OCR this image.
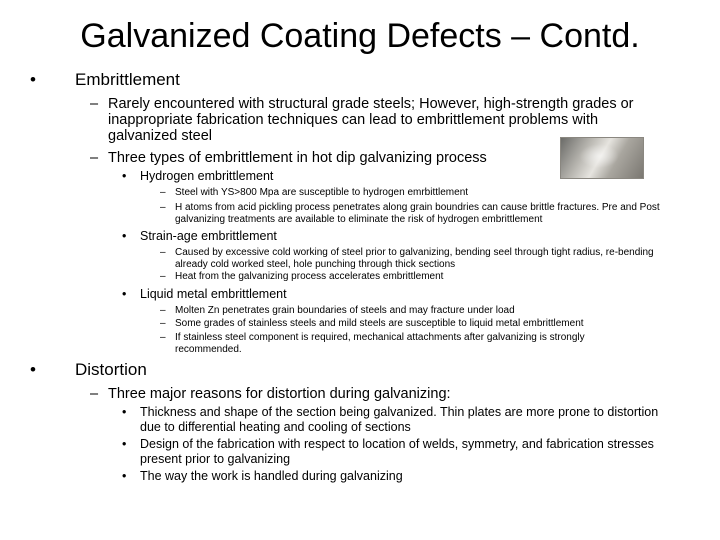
Galvanized Coating Defects – Contd.
• Embrittlement
– Rarely encountered with structural grade steels; However, high-strength grades or inappropriate fabrication techniques can lead to embrittlement problems with galvanized steel
– Three types of embrittlement in hot dip galvanizing process
• Hydrogen embrittlement
– Steel with YS>800 Mpa are susceptible to hydrogen emrbittlement
– H atoms from acid pickling process penetrates along grain boundries can cause brittle fractures. Pre and Post galvanizing treatments are available to eliminate the risk of hydrogen embrittlement
• Strain-age embrittlement
– Caused by excessive cold working of steel prior to galvanizing, bending seel through tight radius, re-bending already cold worked steel, hole punching through thick sections
– Heat from the galvanizing process accelerates embrittlement
• Liquid metal embrittlement
– Molten Zn penetrates grain boundaries of steels and may fracture under load
– Some grades of stainless steels and mild steels are susceptible to liquid metal embrittlement
– If stainless steel component is required, mechanical attachments after galvanizing is strongly recommended.
• Distortion
– Three major reasons for distortion during galvanizing:
• Thickness and shape of the section being galvanized. Thin plates are more prone to distortion due to differential heating and cooling of sections
• Design of the fabrication with respect to location of welds, symmetry, and fabrication stresses present prior to galvanizing
• The way the work is handled during galvanizing
